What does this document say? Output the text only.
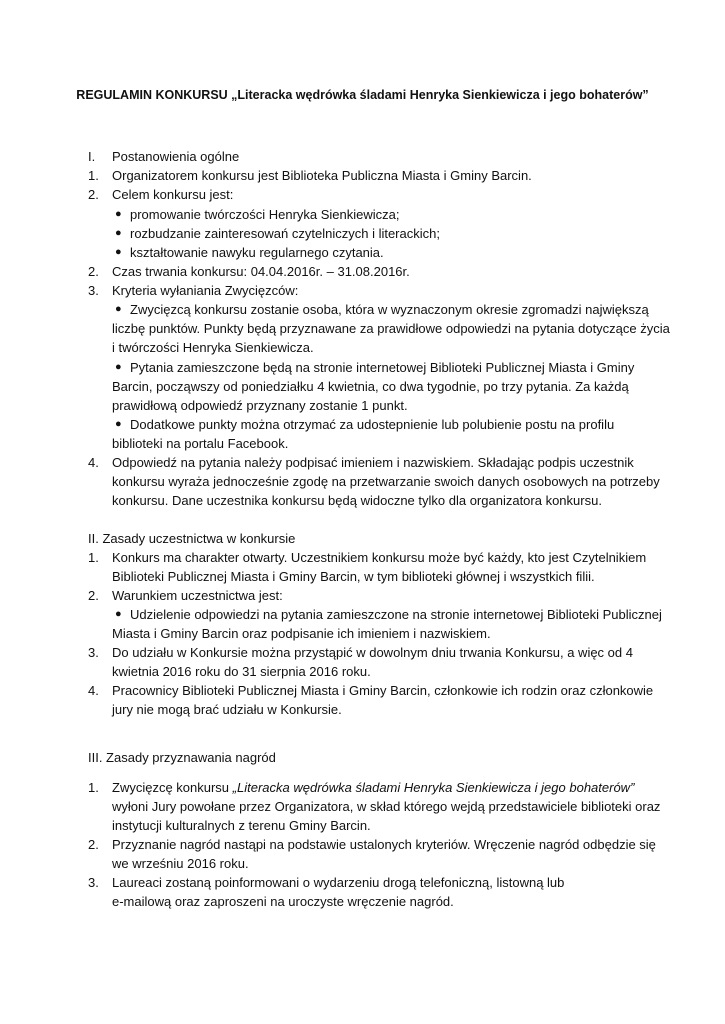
REGULAMIN KONKURSU „Literacka wędrówka śladami Henryka Sienkiewicza i jego bohaterów”
I. Postanowienia ogólne
1. Organizatorem konkursu jest Biblioteka Publiczna Miasta i Gminy Barcin.
2. Celem konkursu jest:
● promowanie twórczości Henryka Sienkiewicza;
● rozbudzanie zainteresowań czytelniczych i literackich;
● kształtowanie nawyku regularnego czytania.
2. Czas trwania konkursu: 04.04.2016r. – 31.08.2016r.
3. Kryteria wyłaniania Zwycięzców:
● Zwycięzcą konkursu zostanie osoba, która w wyznaczonym okresie zgromadzi największą
liczbę punktów. Punkty będą przyznawane za prawidłowe odpowiedzi na pytania dotyczące życia
i twórczości Henryka Sienkiewicza.
● Pytania zamieszczone będą na stronie internetowej Biblioteki Publicznej Miasta i Gminy
Barcin, począwszy od poniedziałku 4 kwietnia, co dwa tygodnie, po trzy pytania. Za każdą
prawidłową odpowiedź przyznany zostanie 1 punkt.
● Dodatkowe punkty można otrzymać za udostepnienie lub polubienie postu na profilu
biblioteki na portalu Facebook.
4. Odpowiedź na pytania należy podpisać imieniem i nazwiskiem. Składając podpis uczestnik
konkursu wyraża jednocześnie zgodę na przetwarzanie swoich danych osobowych na potrzeby
konkursu. Dane uczestnika konkursu będą widoczne tylko dla organizatora konkursu.
II. Zasady uczestnictwa w konkursie
1. Konkurs ma charakter otwarty. Uczestnikiem konkursu może być każdy, kto jest Czytelnikiem
Biblioteki Publicznej Miasta i Gminy Barcin, w tym biblioteki głównej i wszystkich filii.
2. Warunkiem uczestnictwa jest:
● Udzielenie odpowiedzi na pytania zamieszczone na stronie internetowej Biblioteki Publicznej
Miasta i Gminy Barcin oraz podpisanie ich imieniem i nazwiskiem.
3. Do udziału w Konkursie można przystąpić w dowolnym dniu trwania Konkursu, a więc od 4
kwietnia 2016 roku do 31 sierpnia 2016 roku.
4. Pracownicy Biblioteki Publicznej Miasta i Gminy Barcin, członkowie ich rodzin oraz członkowie
jury nie mogą brać udziału w Konkursie.
III. Zasady przyznawania nagród
1. Zwycięzcę konkursu „Literacka wędrówka śladami Henryka Sienkiewicza i jego bohaterów”
wyłoni Jury powołane przez Organizatora, w skład którego wejdą przedstawiciele biblioteki oraz
instytucji kulturalnych z terenu Gminy Barcin.
2. Przyznanie nagród nastąpi na podstawie ustalonych kryteriów. Wręczenie nagród odbędzie się
we wrześniu 2016 roku.
3. Laureaci zostaną poinformowani o wydarzeniu drogą telefoniczną, listowną lub
e-mailową oraz zaproszeni na uroczyste wręczenie nagród.
